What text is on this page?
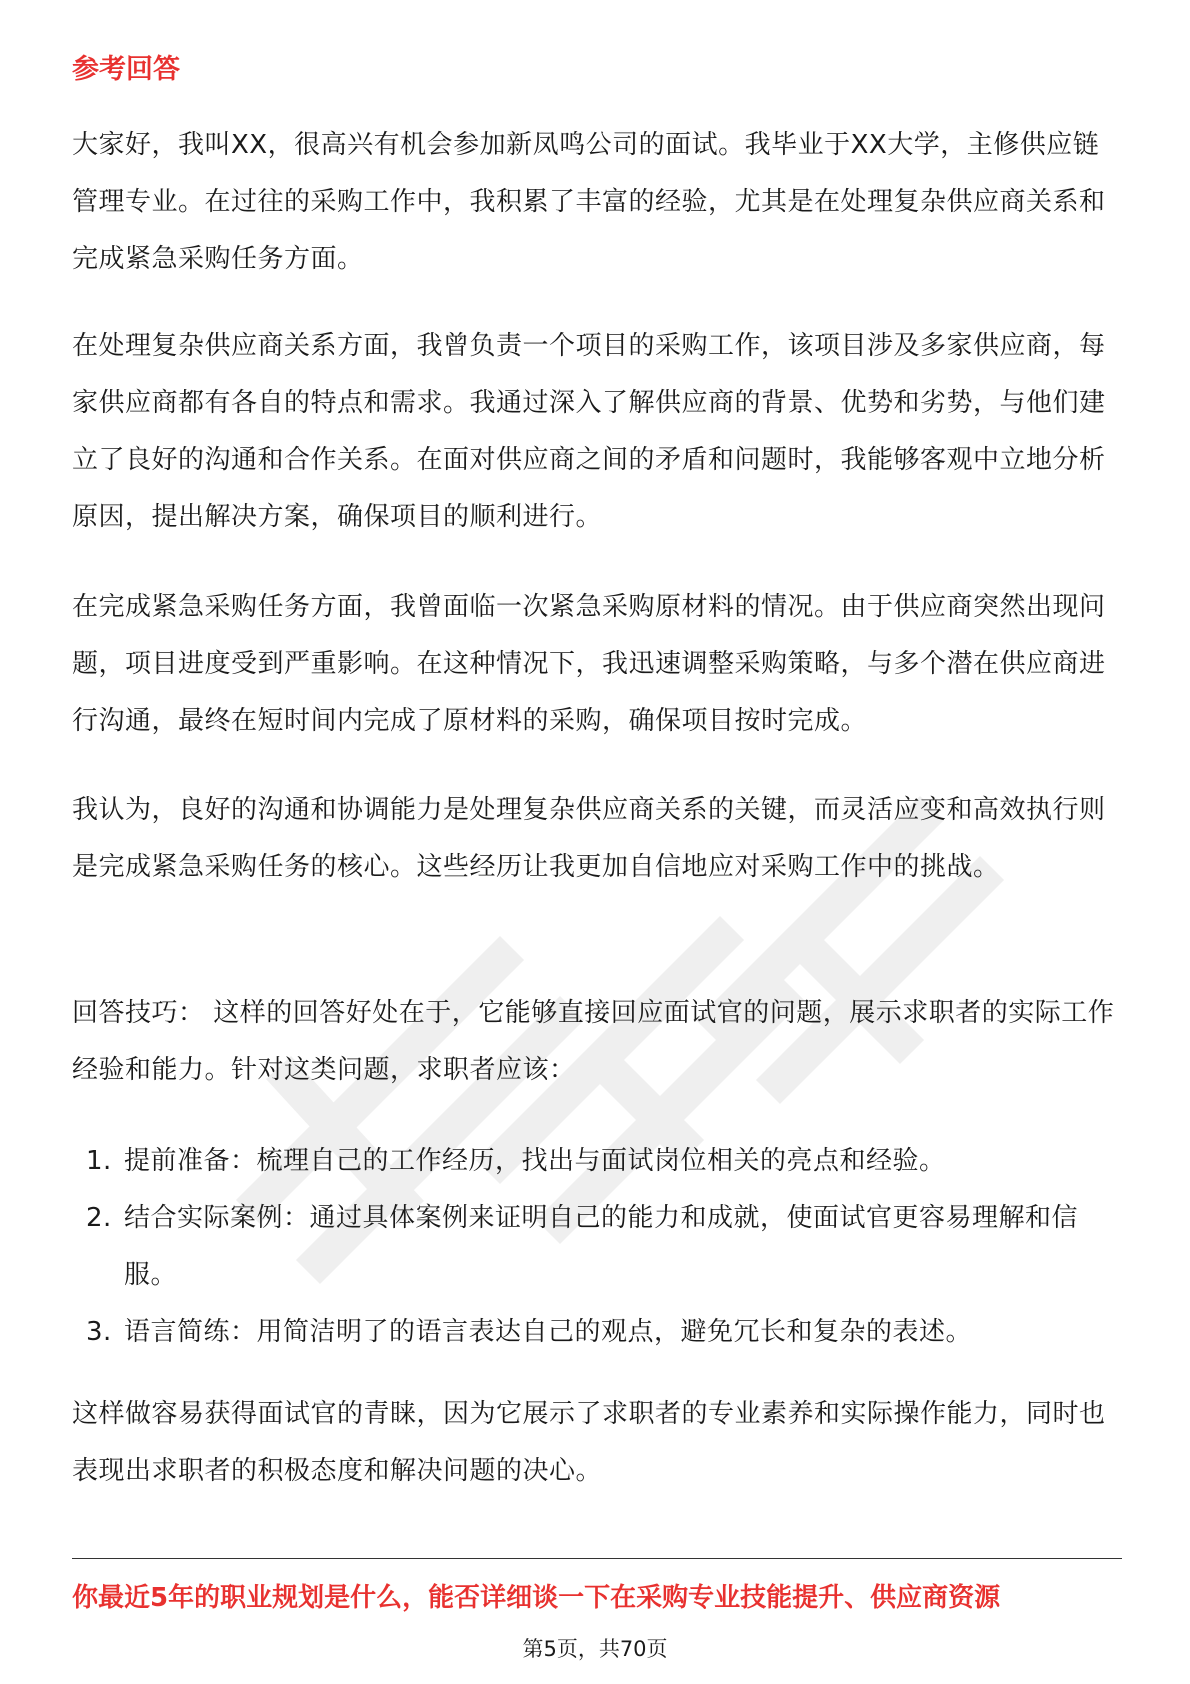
参考回答

大家好，我叫XX，很高兴有机会参加新凤鸣公司的面试。我毕业于XX大学，主修供应链管理专业。在过往的采购工作中，我积累了丰富的经验，尤其是在处理复杂供应商关系和完成紧急采购任务方面。

在处理复杂供应商关系方面，我曾负责一个项目的采购工作，该项目涉及多家供应商，每家供应商都有各自的特点和需求。我通过深入了解供应商的背景、优势和劣势，与他们建立了良好的沟通和合作关系。在面对供应商之间的矛盾和问题时，我能够客观中立地分析原因，提出解决方案，确保项目的顺利进行。

在完成紧急采购任务方面，我曾面临一次紧急采购原材料的情况。由于供应商突然出现问题，项目进度受到严重影响。在这种情况下，我迅速调整采购策略，与多个潜在供应商进行沟通，最终在短时间内完成了原材料的采购，确保项目按时完成。

我认为，良好的沟通和协调能力是处理复杂供应商关系的关键，而灵活应变和高效执行则是完成紧急采购任务的核心。这些经历让我更加自信地应对采购工作中的挑战。

回答技巧： 这样的回答好处在于，它能够直接回应面试官的问题，展示求职者的实际工作经验和能力。针对这类问题，求职者应该：

1. 提前准备：梳理自己的工作经历，找出与面试岗位相关的亮点和经验。
2. 结合实际案例：通过具体案例来证明自己的能力和成就，使面试官更容易理解和信服。
3. 语言简练：用简洁明了的语言表达自己的观点，避免冗长和复杂的表述。

这样做容易获得面试官的青睐，因为它展示了求职者的专业素养和实际操作能力，同时也表现出求职者的积极态度和解决问题的决心。

你最近5年的职业规划是什么，能否详细谈一下在采购专业技能提升、供应商资源
第5页，共70页
